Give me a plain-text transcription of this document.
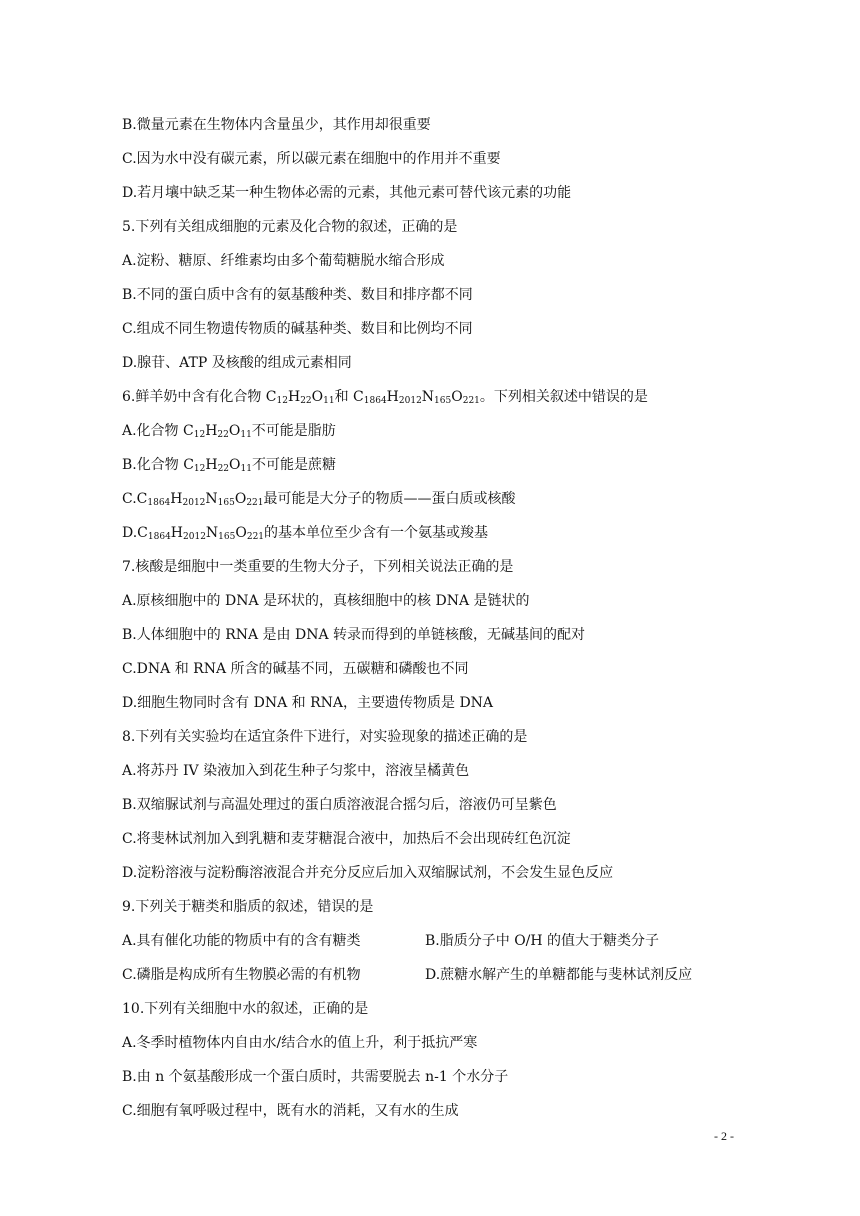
B.微量元素在生物体内含量虽少，其作用却很重要
C.因为水中没有碳元素，所以碳元素在细胞中的作用并不重要
D.若月壤中缺乏某一种生物体必需的元素，其他元素可替代该元素的功能
5.下列有关组成细胞的元素及化合物的叙述，正确的是
A.淀粉、糖原、纤维素均由多个葡萄糖脱水缩合形成
B.不同的蛋白质中含有的氨基酸种类、数目和排序都不同
C.组成不同生物遗传物质的碱基种类、数目和比例均不同
D.腺苷、ATP 及核酸的组成元素相同
6.鲜羊奶中含有化合物 $C_{12}H_{22}O_{11}$和 $C_{1864}H_{2012}N_{165}O_{221}$。下列相关叙述中错误的是
A.化合物 $C_{12}H_{22}O_{11}$不可能是脂肪
B.化合物 $C_{12}H_{22}O_{11}$不可能是蔗糖
$C.C_{1864}H_{2012}N_{165}O_{221}$最可能是大分子的物质——蛋白质或核酸
$D.C_{1864}H_{2012}N_{165}O_{221}$的基本单位至少含有一个氨基或羧基
7.核酸是细胞中一类重要的生物大分子，下列相关说法正确的是
A.原核细胞中的 DNA 是环状的，真核细胞中的核 DNA 是链状的
B.人体细胞中的 RNA 是由 DNA 转录而得到的单链核酸，无碱基间的配对
C.DNA 和 RNA 所含的碱基不同，五碳糖和磷酸也不同
D.细胞生物同时含有 DNA 和 RNA，主要遗传物质是 DNA
8.下列有关实验均在适宜条件下进行，对实验现象的描述正确的是
A.将苏丹 IV 染液加入到花生种子匀浆中，溶液呈橘黄色
B.双缩脲试剂与高温处理过的蛋白质溶液混合摇匀后，溶液仍可呈紫色
C.将斐林试剂加入到乳糖和麦芽糖混合液中，加热后不会出现砖红色沉淀
D.淀粉溶液与淀粉酶溶液混合并充分反应后加入双缩脲试剂，不会发生显色反应
9.下列关于糖类和脂质的叙述，错误的是
A.具有催化功能的物质中有的含有糖类	B.脂质分子中 O/H 的值大于糖类分子
C.磷脂是构成所有生物膜必需的有机物	D.蔗糖水解产生的单糖都能与斐林试剂反应
10.下列有关细胞中水的叙述，正确的是
A.冬季时植物体内自由水/结合水的值上升，利于抵抗严寒
B.由 n 个氨基酸形成一个蛋白质时，共需要脱去 n-1 个水分子
C.细胞有氧呼吸过程中，既有水的消耗，又有水的生成
- 2 -
